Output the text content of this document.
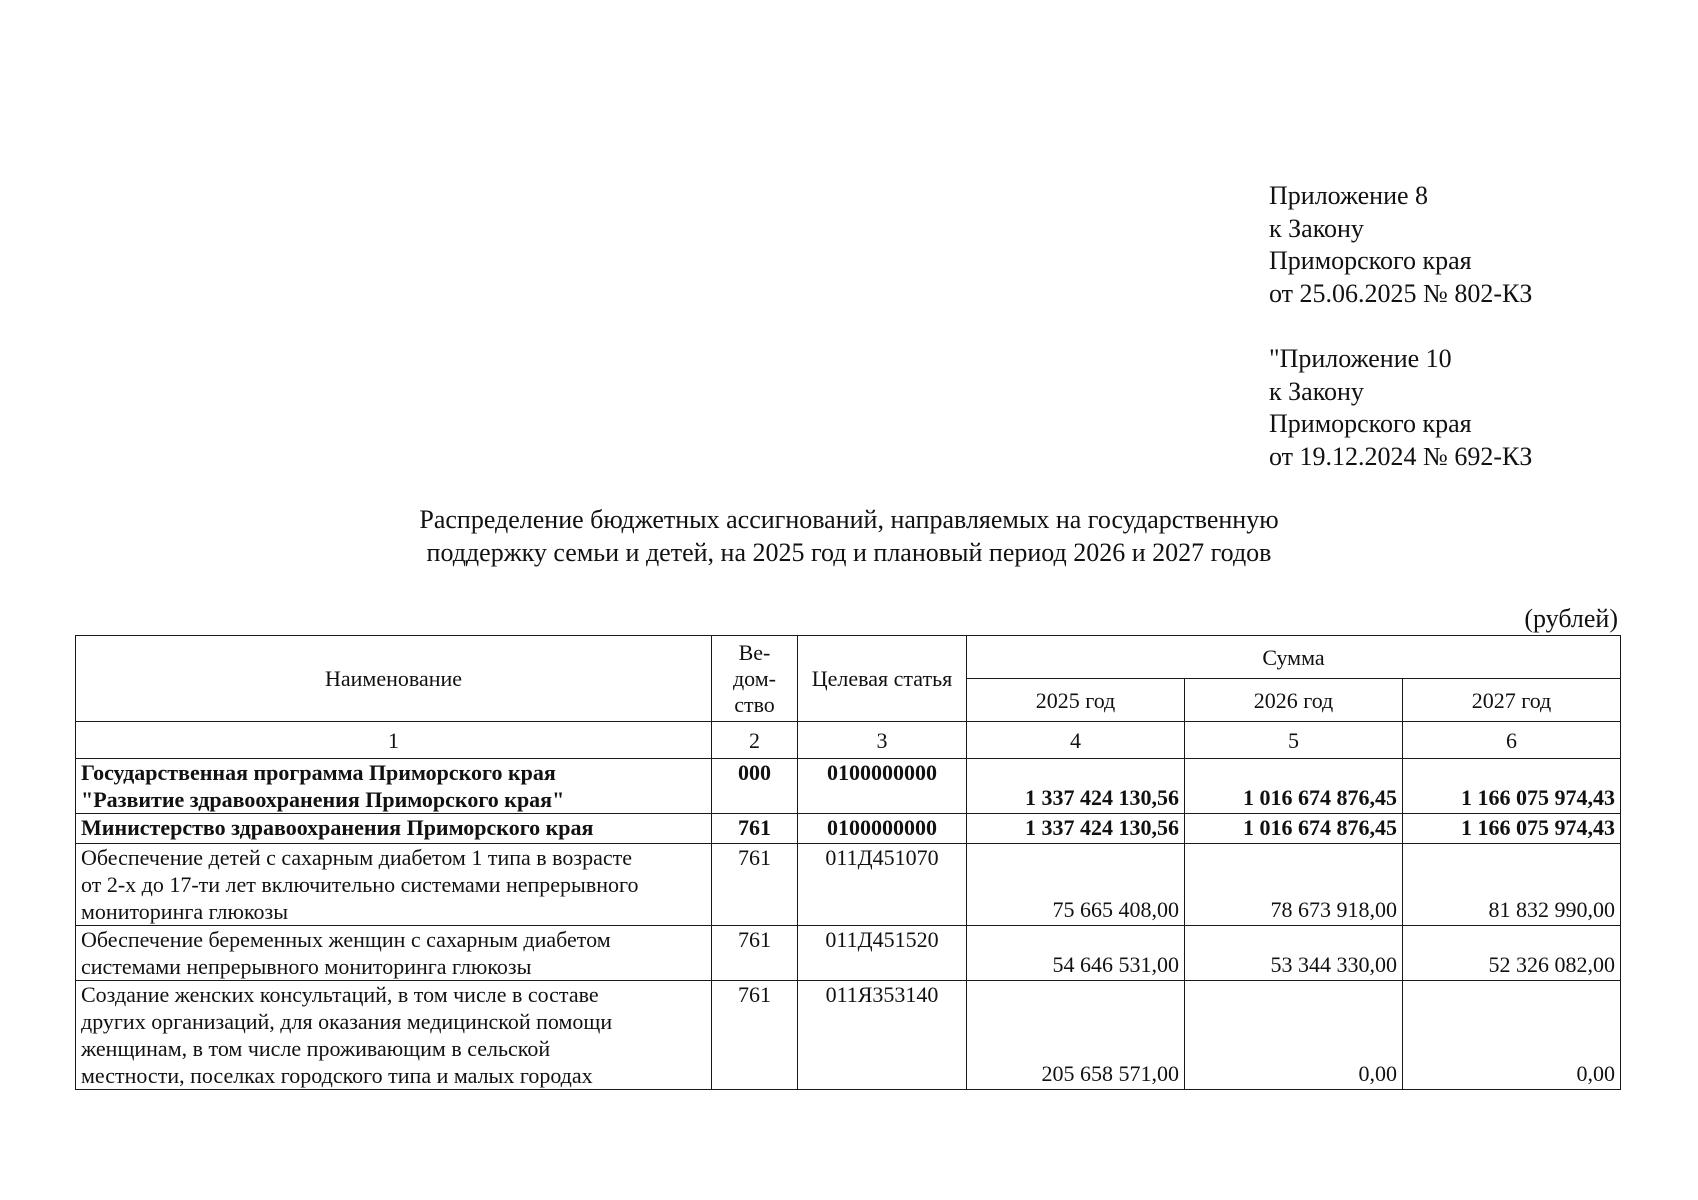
Приложение 8
к Закону
Приморского края
от 25.06.2025 № 802-КЗ
"Приложение 10
к Закону
Приморского края
от 19.12.2024 № 692-КЗ
Распределение бюджетных ассигнований, направляемых на государственную
поддержку семьи и детей, на 2025 год и плановый период 2026 и 2027 годов
(рублей)
Наименование	Ве-
дом-
ство	Целевая статья	Сумма		
			2025 год	2026 год	2027 год
1	2	3	4	5	6

Государственная программа Приморского края
"Развитие здравоохранения Приморского края"	000	0100000000	1 337 424 130,56	1 016 674 876,45	1 166 075 974,43

Министерство здравоохранения Приморского края	761	0100000000	1 337 424 130,56	1 016 674 876,45	1 166 075 974,43

Обеспечение детей с сахарным диабетом 1 типа в возрасте
от 2-х до 17-ти лет включительно системами непрерывного
мониторинга глюкозы	761	011Д451070	75 665 408,00	78 673 918,00	81 832 990,00

Обеспечение беременных женщин с сахарным диабетом
системами непрерывного мониторинга глюкозы	761	011Д451520	54 646 531,00	53 344 330,00	52 326 082,00

Создание женских консультаций, в том числе в составе
других организаций, для оказания медицинской помощи
женщинам, в том числе проживающим в сельской
местности, поселках городского типа и малых городах	761	011Я353140	205 658 571,00	0,00	0,00
